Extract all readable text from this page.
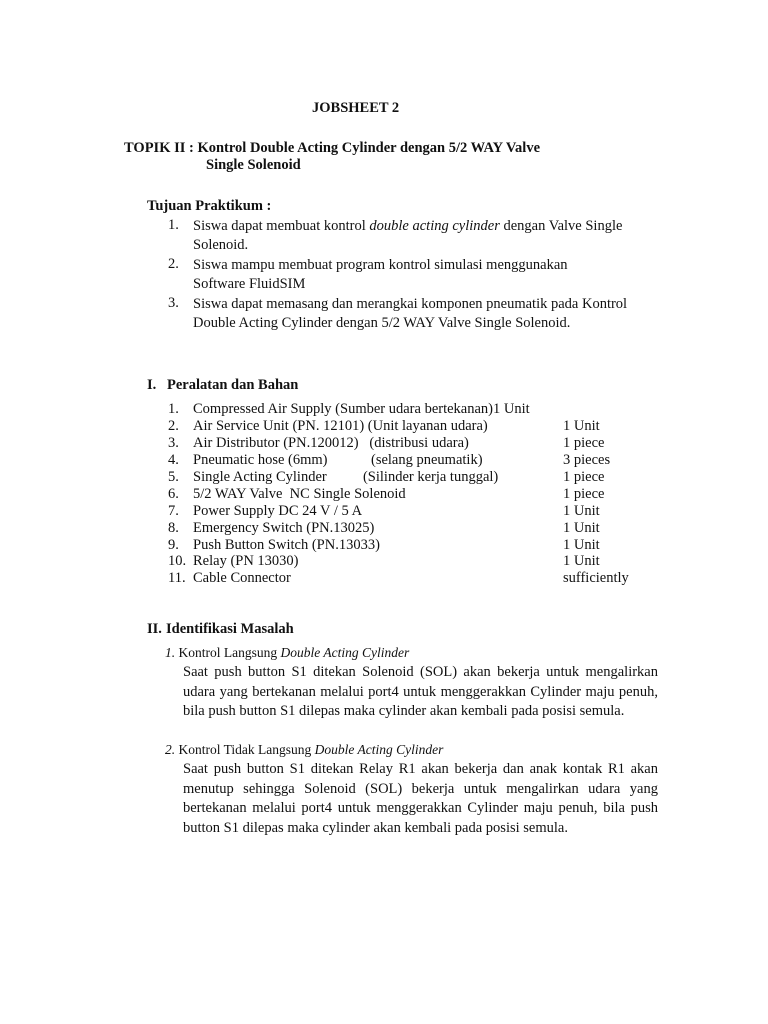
JOBSHEET 2
TOPIK II : Kontrol Double Acting Cylinder dengan 5/2 WAY Valve
Single Solenoid
Tujuan Praktikum :
1. Siswa dapat membuat kontrol double acting cylinder dengan Valve Single Solenoid.
2. Siswa mampu membuat program kontrol simulasi menggunakan Software FluidSIM
3. Siswa dapat memasang dan merangkai komponen pneumatik pada Kontrol Double Acting Cylinder dengan 5/2 WAY Valve Single Solenoid.
I. Peralatan dan Bahan
1. Compressed Air Supply (Sumber udara bertekanan)1 Unit
2. Air Service Unit (PN. 12101) (Unit layanan udara)	1 Unit
3. Air Distributor (PN.120012)   (distribusi udara)	1 piece
4. Pneumatic hose (6mm)            (selang pneumatik)	3 pieces
5. Single Acting Cylinder          (Silinder kerja tunggal)	1 piece
6. 5/2 WAY Valve  NC Single Solenoid	1 piece
7. Power Supply DC 24 V / 5 A	1 Unit
8. Emergency Switch (PN.13025)	1 Unit
9. Push Button Switch (PN.13033)	1 Unit
10. Relay (PN 13030)	1 Unit
11. Cable Connector	sufficiently
II. Identifikasi Masalah
1. Kontrol Langsung Double Acting Cylinder
Saat push button S1 ditekan Solenoid (SOL) akan bekerja untuk mengalirkan udara yang bertekanan melalui port4 untuk menggerakkan Cylinder maju penuh, bila push button S1 dilepas maka cylinder akan kembali pada posisi semula.
2. Kontrol Tidak Langsung Double Acting Cylinder
Saat push button S1 ditekan Relay R1 akan bekerja dan anak kontak R1 akan menutup sehingga Solenoid (SOL) bekerja untuk mengalirkan udara yang bertekanan melalui port4 untuk menggerakkan Cylinder maju penuh, bila push button S1 dilepas maka cylinder akan kembali pada posisi semula.
